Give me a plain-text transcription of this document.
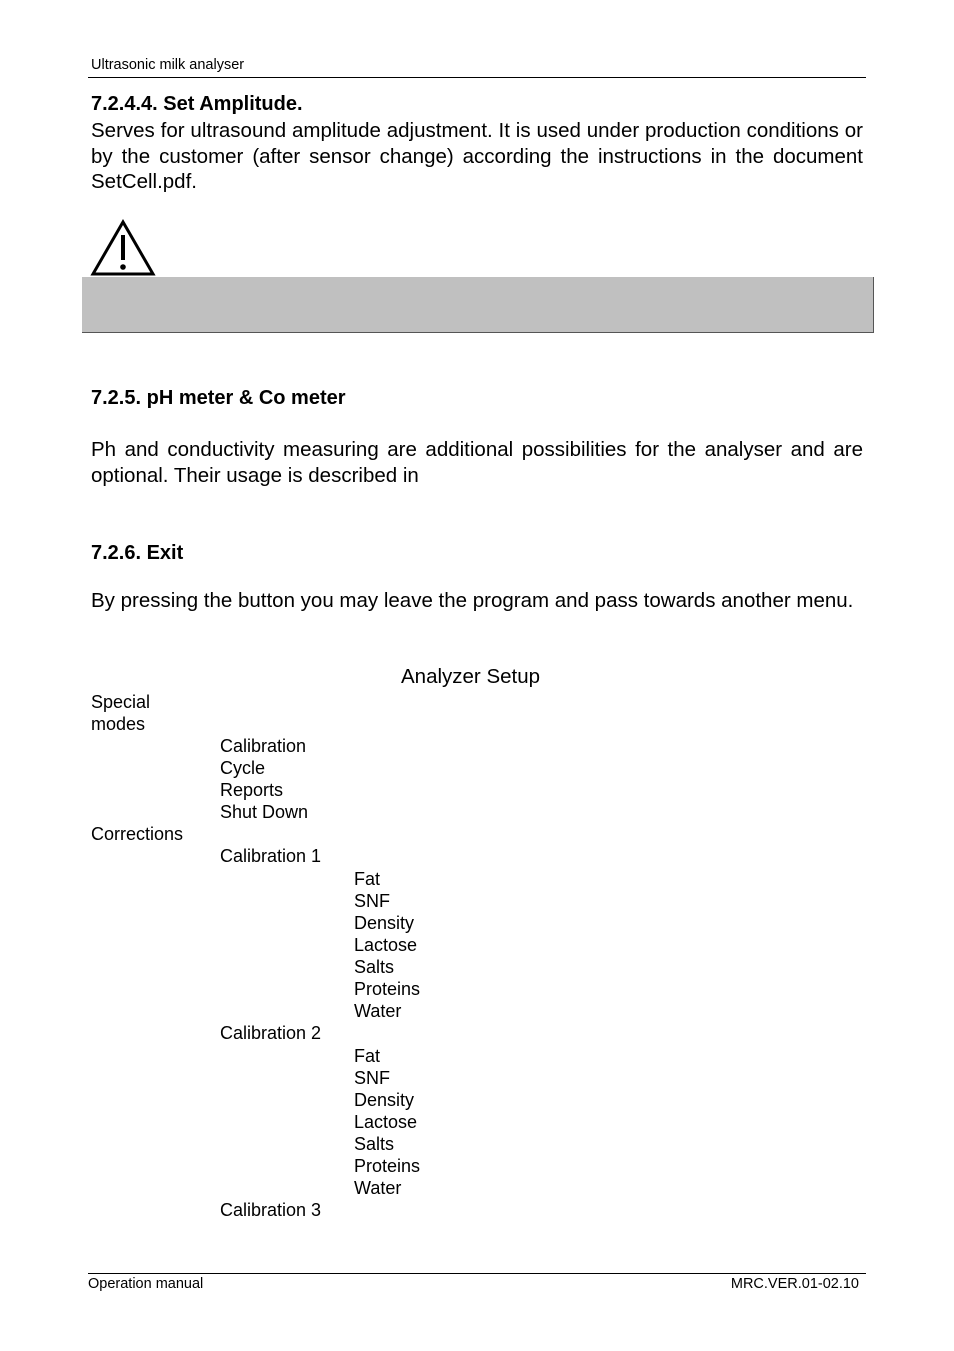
Ultrasonic milk analyser
7.2.4.4. Set Amplitude.
Serves for ultrasound amplitude adjustment. It is used under production conditions or by the customer (after sensor change) according the instructions in the document SetCell.pdf.
7.2.5. pH meter & Co meter
Ph and conductivity measuring are additional possibilities for the analyser and are optional. Their usage is described in
7.2.6. Exit
By pressing the button you may leave the program and pass towards another menu.
Analyzer Setup
Special
modes
Calibration
Cycle
Reports
Shut Down
Corrections
Calibration 1
Fat
SNF
Density
Lactose
Salts
Proteins
Water
Calibration 2
Fat
SNF
Density
Lactose
Salts
Proteins
Water
Calibration 3
Operation manual	MRC.VER.01-02.10
